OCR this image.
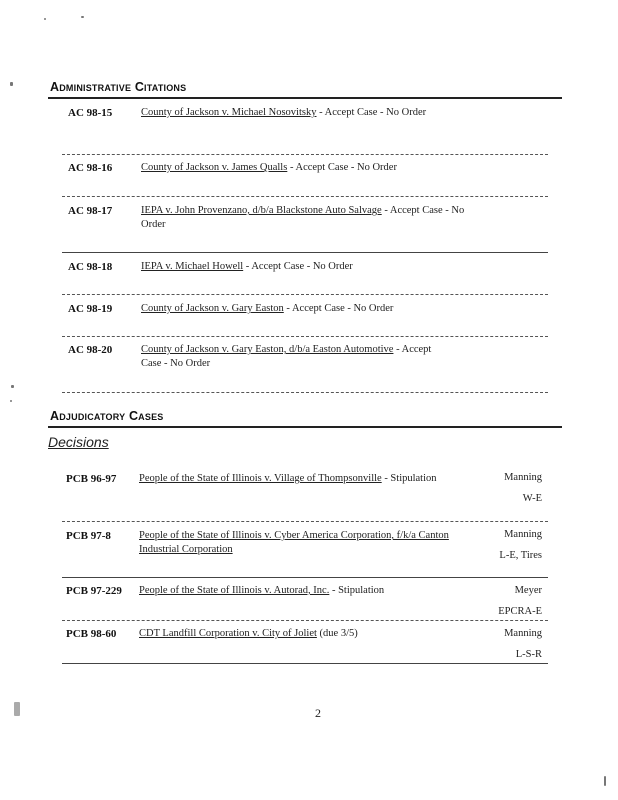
Administrative Citations
AC 98-15	County of Jackson v. Michael Nosovitsky - Accept Case - No Order
AC 98-16	County of Jackson v. James Qualls - Accept Case - No Order
AC 98-17	IEPA v. John Provenzano, d/b/a Blackstone Auto Salvage - Accept Case - No Order
AC 98-18	IEPA v. Michael Howell - Accept Case - No Order
AC 98-19	County of Jackson v. Gary Easton - Accept Case - No Order
AC 98-20	County of Jackson v. Gary Easton, d/b/a Easton Automotive - Accept Case - No Order
Adjudicatory Cases
Decisions
PCB 96-97 People of the State of Illinois v. Village of Thompsonville - Stipulation	Manning
W-E
PCB 97-8	People of the State of Illinois v. Cyber America Corporation, f/k/a Canton Industrial Corporation
Manning
L-E, Tires
PCB 97-229 People of the State of Illinois v. Autorad, Inc. - Stipulation	Meyer
EPCRA-E
PCB 98-60 CDT Landfill Corporation v. City of Joliet (due 3/5)	Manning
L-S-R
2
